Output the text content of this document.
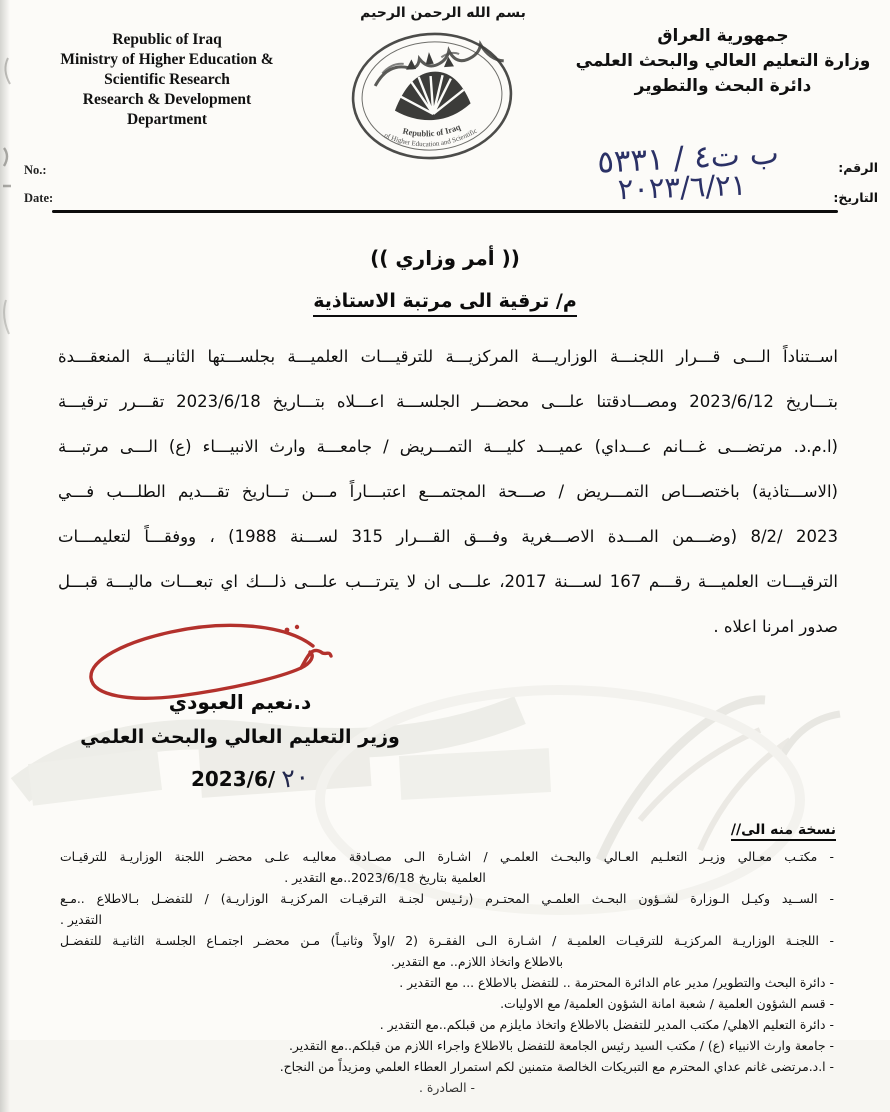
Republic of Iraq
Ministry of Higher Education &
Scientific Research
Research & Development
Department
بسم الله الرحمن الرحيم
Republic of Iraq
of Higher Education and Scientific
جمهورية العراق
وزارة التعليم العالي والبحث العلمي
دائرة البحث والتطوير
No.:
Date:
الرقم:
التاريخ:
ب ت٤ / ٥٣٣١
٢٠٢٣/٦/٢١
(( أمر وزاري ))
م/ ترقية الى مرتبة الاستاذية
اســتناداً الـــى قـــرار اللجنـــة الوزاريـــة المركزيـــة للترقيـــات العلميـــة بجلســـتها الثانيـــة المنعقـــدة
بتـــاريخ 2023/6/12 ومصـــادقتنا علـــى محضـــر الجلســـة اعـــلاه بتـــاريخ 2023/6/18 تقـــرر ترقيـــة
(ا.م.د. مرتضـــى غـــانم عـــداي) عميـــد كليـــة التمـــريض / جامعـــة وارث الانبيـــاء (ع) الـــى مرتبـــة
(الاســـتاذية) باختصـــاص التمـــريض / صـــحة المجتمـــع اعتبـــاراً مـــن تـــاريخ تقـــديم الطلـــب فـــي
‪8/2/ 2023‬ (وضـــمن المـــدة الاصـــغرية وفـــق القـــرار 315 لســـنة 1988) ، ووفقـــاً لتعليمـــات
الترقيـــات العلميـــة رقـــم 167 لســـنة 2017، علـــى ان لا يترتـــب علـــى ذلـــك اي تبعـــات ماليـــة قبـــل
صدور امرنا اعلاه .
د.نعيم العبودي
وزير التعليم العالي والبحث العلمي
2023/6/ ٢٠
نسخة منه الى//
- مكتـب معـالي وزيـر التعلـيم العـالي والبحـث العلمـي / اشـارة الـى مصـادقة معاليـه علـى محضـر اللجنة الوزاريـة للترقيـات
العلمية بتاريخ 2023/6/18..مع التقدير .
- الســيد وكيـل الـوزارة لشـؤون البحـث العلمـي المحتـرم (رئـيس لجنـة الترقيـات المركزيـة الوزاريـة) / للتفضـل بـالاطلاع ..مـع
التقدير .
- اللجنـة الوزاريـة المركزيـة للترقيـات العلميـة / اشـارة الـى الفقـرة (2 /اولاً وثانيـاً) مـن محضـر اجتمـاع الجلسـة الثانيـة للتفضـل
بالاطلاع واتخاذ اللازم.. مع التقدير.
- دائرة البحث والتطوير/ مدير عام الدائرة المحترمة .. للتفضل بالاطلاع ... مع التقدير .
- قسم الشؤون العلمية / شعبة امانة الشؤون العلمية/ مع الاوليات.
- دائرة التعليم الاهلي/ مكتب المدير للتفضل بالاطلاع واتخاذ مايلزم من قبلكم..مع التقدير .
- جامعة وارث الانبياء (ع) / مكتب السيد رئيس الجامعة للتفضل بالاطلاع واجراء اللازم من قبلكم..مع التقدير.
- ا.د.مرتضى غانم عداي المحترم مع التبريكات الخالصة متمنين لكم استمرار العطاء العلمي ومزيداً من النجاح.
- الصادرة .
